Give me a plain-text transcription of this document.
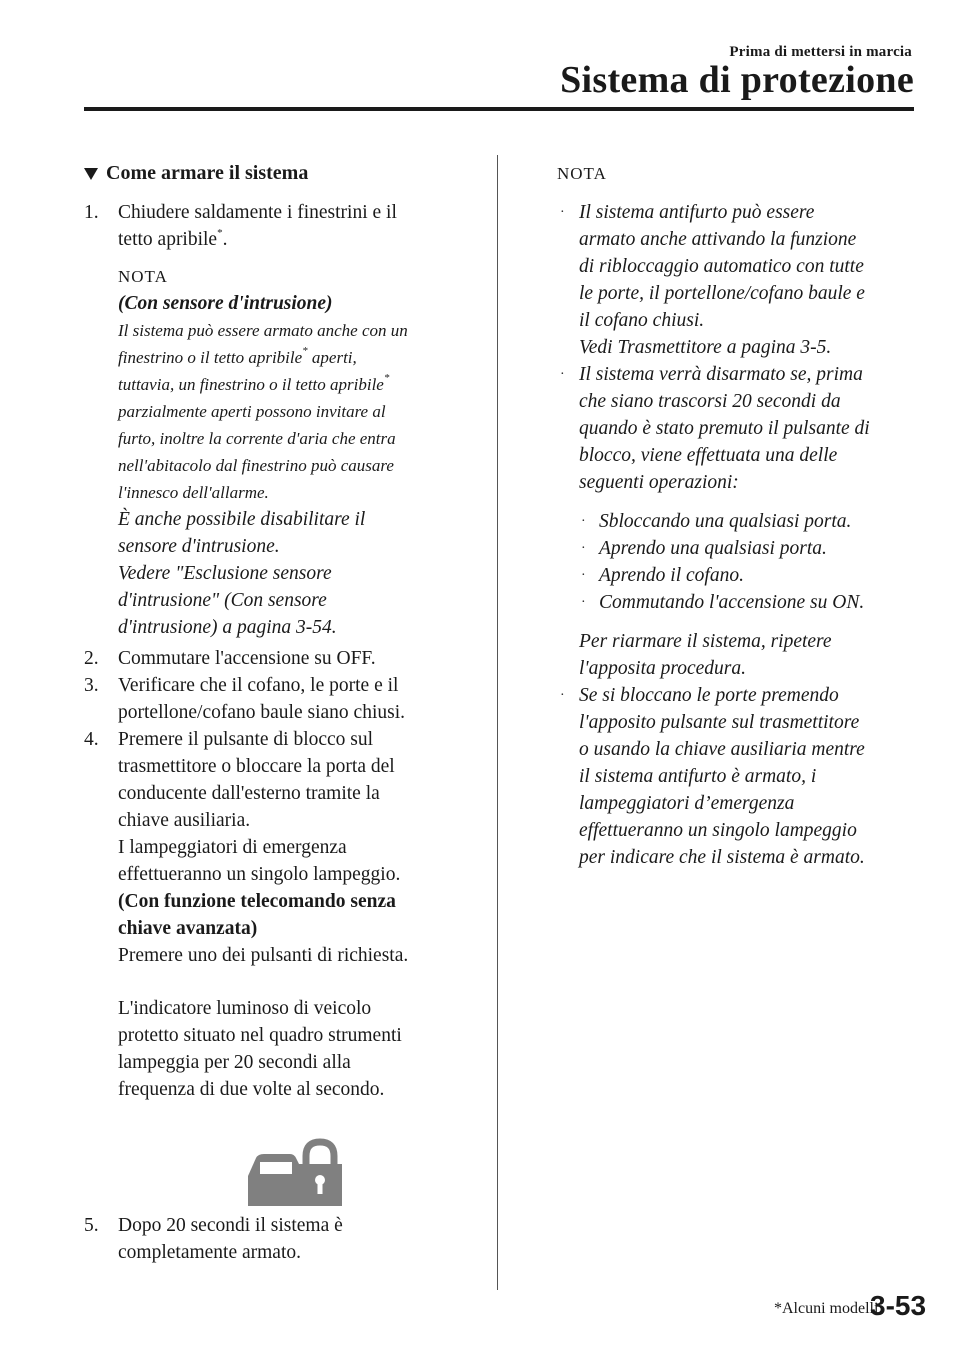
Prima di mettersi in marcia
Sistema di protezione
Come armare il sistema
1. Chiudere saldamente i finestrini e il
tetto apribile*.
NOTA
(Con sensore d'intrusione)
Il sistema può essere armato anche con un
finestrino o il tetto apribile* aperti,
tuttavia, un finestrino o il tetto apribile*
parzialmente aperti possono invitare al
furto, inoltre la corrente d'aria che entra
nell'abitacolo dal finestrino può causare
l'innesco dell'allarme.
È anche possibile disabilitare il
sensore d'intrusione.
Vedere "Esclusione sensore
d'intrusione" (Con sensore
d'intrusione) a pagina 3-54.
2. Commutare l'accensione su OFF.
3. Verificare che il cofano, le porte e il
portellone/cofano baule siano chiusi.
4. Premere il pulsante di blocco sul
trasmettitore o bloccare la porta del
conducente dall'esterno tramite la
chiave ausiliaria.
I lampeggiatori di emergenza
effettueranno un singolo lampeggio.
(Con funzione telecomando senza
chiave avanzata)
Premere uno dei pulsanti di richiesta.
L'indicatore luminoso di veicolo
protetto situato nel quadro strumenti
lampeggia per 20 secondi alla
frequenza di due volte al secondo.
5. Dopo 20 secondi il sistema è
completamente armato.
NOTA
· Il sistema antifurto può essere
armato anche attivando la funzione
di ribloccaggio automatico con tutte
le porte, il portellone/cofano baule e
il cofano chiusi.
Vedi Trasmettitore a pagina 3-5.
· Il sistema verrà disarmato se, prima
che siano trascorsi 20 secondi da
quando è stato premuto il pulsante di
blocco, viene effettuata una delle
seguenti operazioni:
· Sbloccando una qualsiasi porta.
· Aprendo una qualsiasi porta.
· Aprendo il cofano.
· Commutando l'accensione su ON.
Per riarmare il sistema, ripetere
l'apposita procedura.
· Se si bloccano le porte premendo
l'apposito pulsante sul trasmettitore
o usando la chiave ausiliaria mentre
il sistema antifurto è armato, i
lampeggiatori d’emergenza
effettueranno un singolo lampeggio
per indicare che il sistema è armato.
*Alcuni modelli.
3-53
